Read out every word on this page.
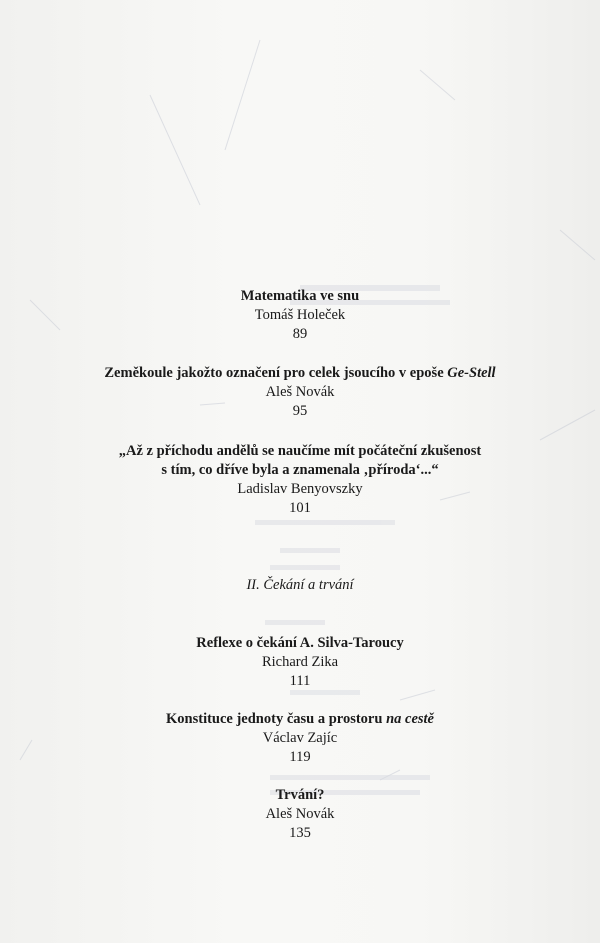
Matematika ve snu
Tomáš Holeček
89
Zeměkoule jakožto označení pro celek jsoucího v epoše Ge-Stell
Aleš Novák
95
„Až z příchodu andělů se naučíme mít počáteční zkušenost
s tím, co dříve byla a znamenala ‚příroda‘...“
Ladislav Benyovszky
101
II. Čekání a trvání
Reflexe o čekání A. Silva-Taroucy
Richard Zika
111
Konstituce jednoty času a prostoru na cestě
Václav Zajíc
119
Trvání?
Aleš Novák
135
